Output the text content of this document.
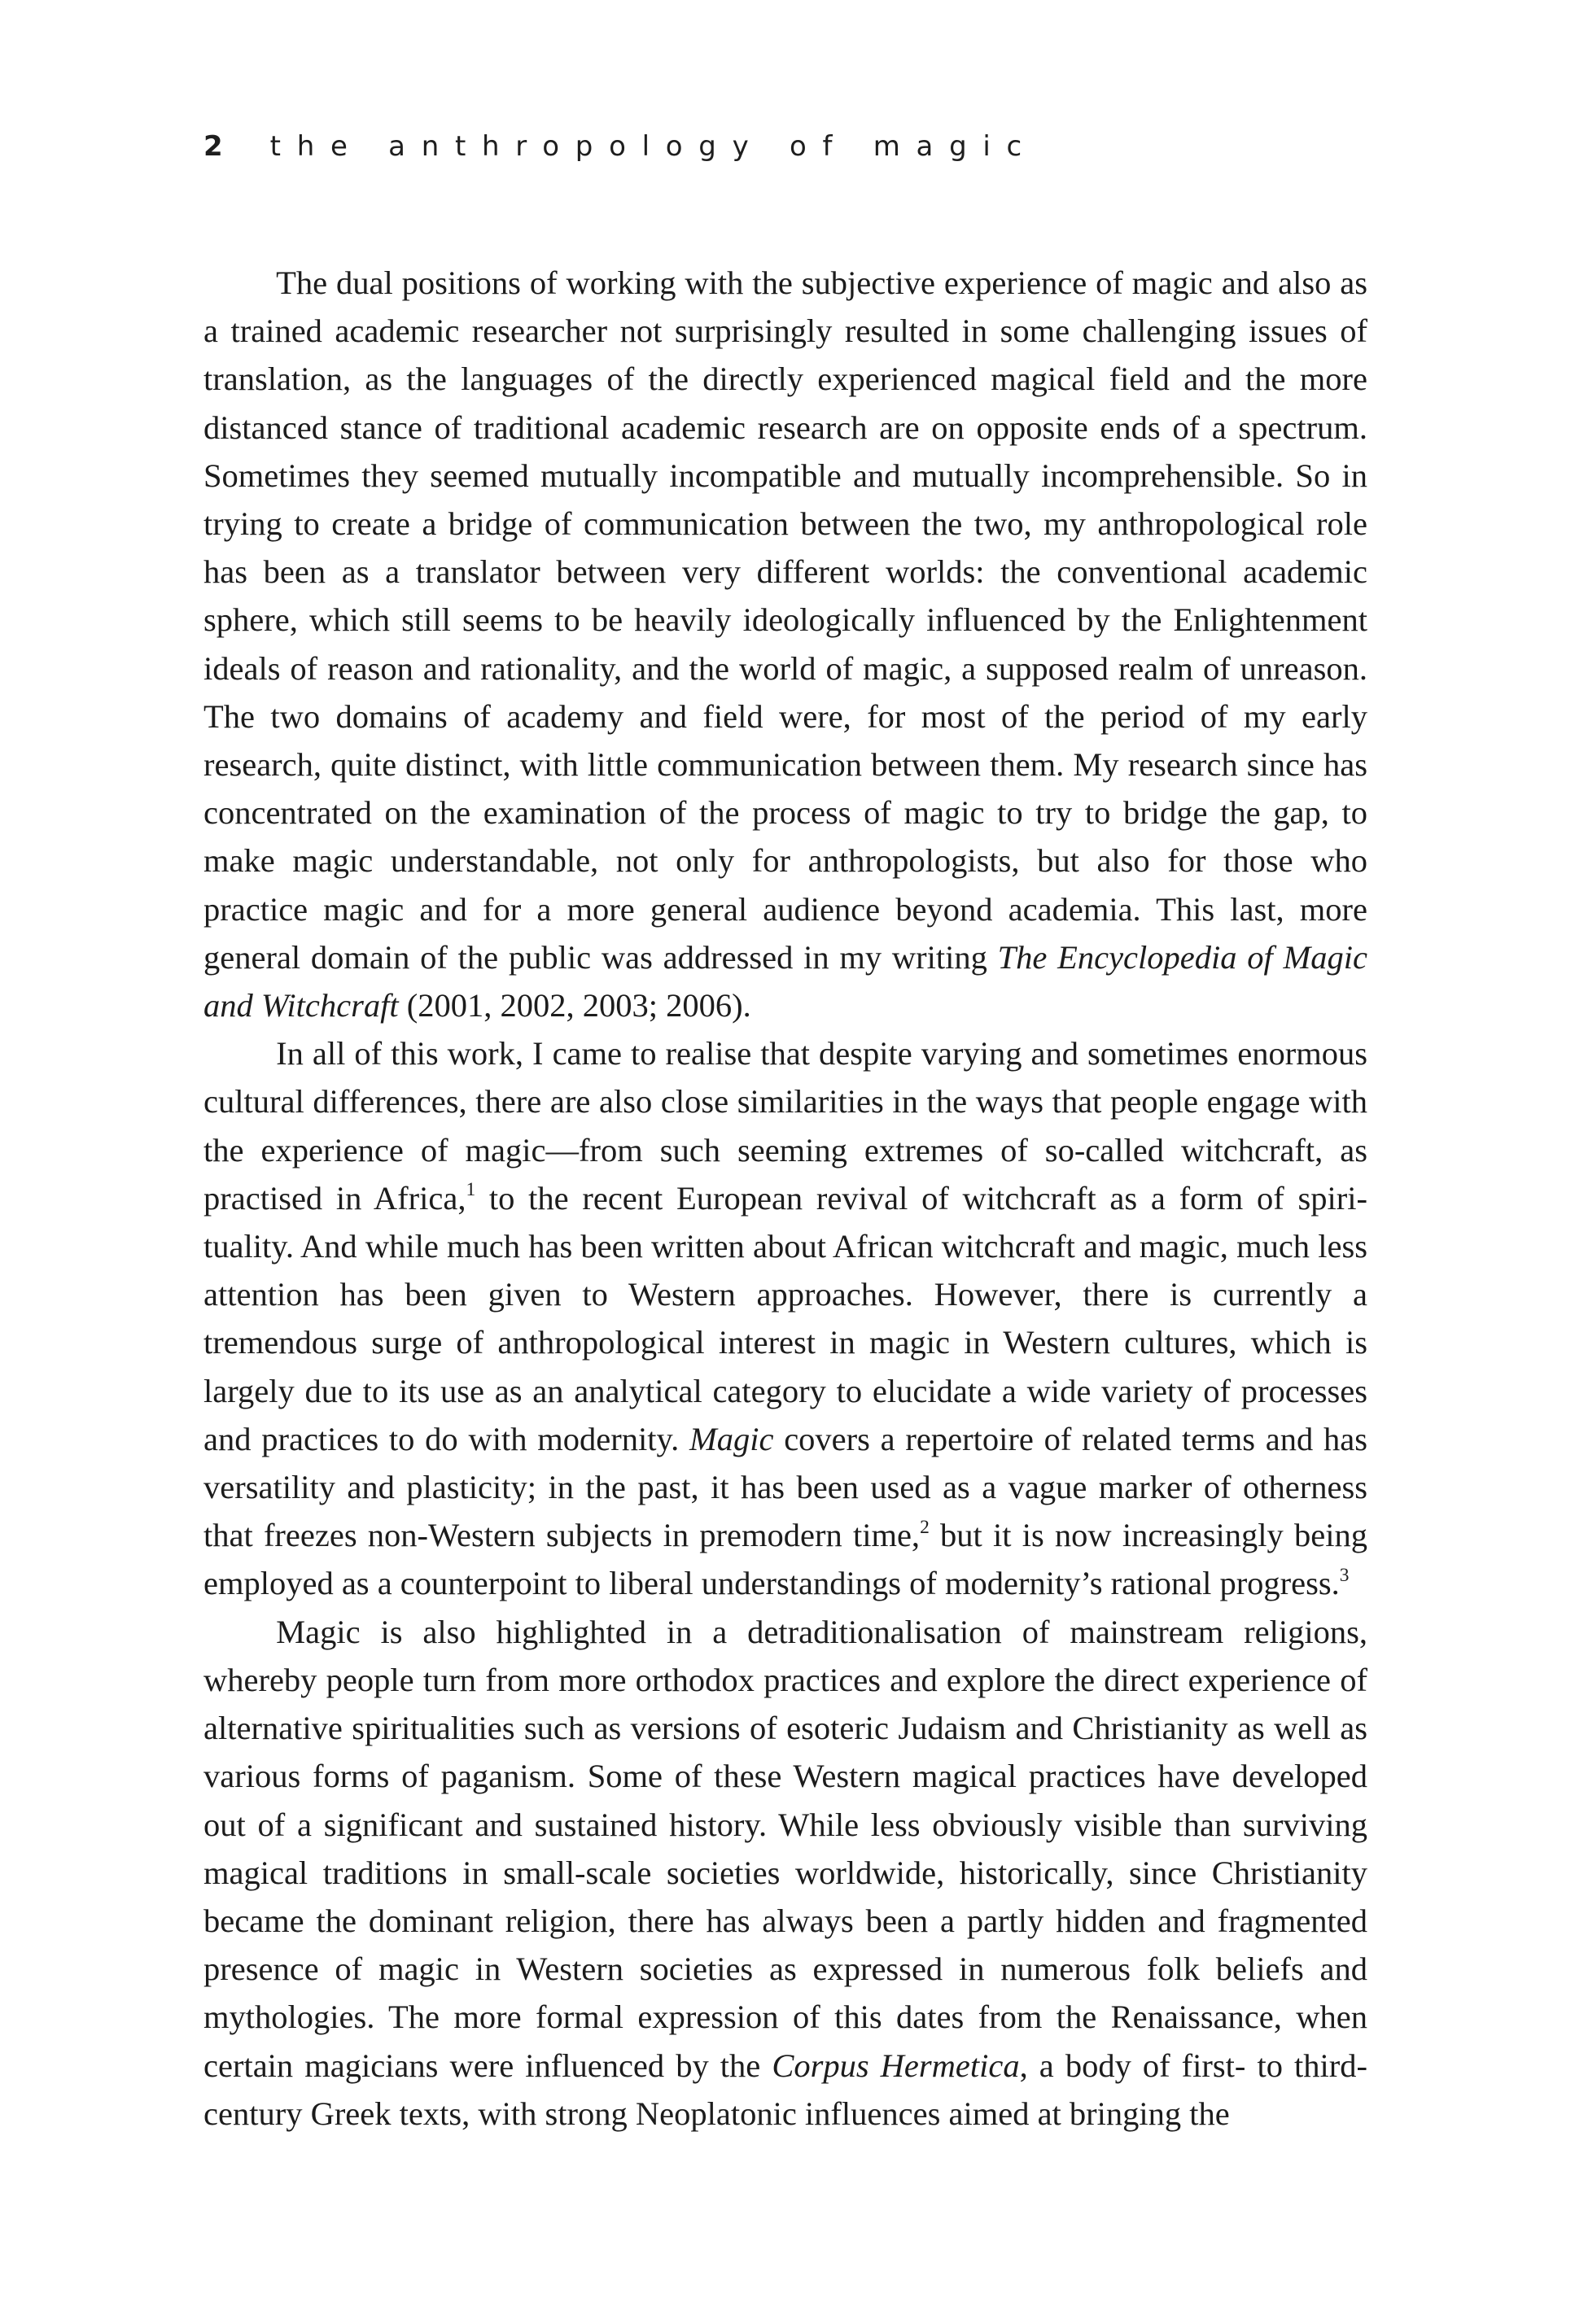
2 the anthropology of magic

The dual positions of working with the subjective experience of magic and also as a trained academic researcher not surprisingly resulted in some challenging issues of translation, as the languages of the directly experienced magical field and the more distanced stance of traditional academic research are on opposite ends of a spectrum. Sometimes they seemed mutually incompatible and mutually incomprehensible. So in trying to create a bridge of communication between the two, my anthropological role has been as a translator between very different worlds: the conventional academic sphere, which still seems to be heavily ideologically influenced by the Enlightenment ideals of reason and rationality, and the world of magic, a supposed realm of unreason. The two domains of academy and field were, for most of the period of my early research, quite distinct, with little communication between them. My research since has concentrated on the examination of the process of magic to try to bridge the gap, to make magic understandable, not only for anthropologists, but also for those who practice magic and for a more general audience beyond academia. This last, more general domain of the public was addressed in my writing The Encyclopedia of Magic and Witchcraft (2001, 2002, 2003; 2006).

In all of this work, I came to realise that despite varying and sometimes enormous cultural differences, there are also close similarities in the ways that people engage with the experience of magic—from such seeming extremes of so-called witchcraft, as practised in Africa,$^1$ to the recent European revival of witchcraft as a form of spirituality. And while much has been written about African witchcraft and magic, much less attention has been given to Western approaches. However, there is currently a tremendous surge of anthropological interest in magic in Western cultures, which is largely due to its use as an analytical category to elucidate a wide variety of processes and practices to do with modernity. Magic covers a repertoire of related terms and has versatility and plasticity; in the past, it has been used as a vague marker of otherness that freezes non-Western subjects in premodern time,$^2$ but it is now increasingly being employed as a counterpoint to liberal understandings of modernity’s rational progress.$^3$

Magic is also highlighted in a detraditionalisation of mainstream religions, whereby people turn from more orthodox practices and explore the direct experience of alternative spiritualities such as versions of esoteric Judaism and Christianity as well as various forms of paganism. Some of these Western magical practices have developed out of a significant and sustained history. While less obviously visible than surviving magical traditions in small-scale societies worldwide, historically, since Christianity became the dominant religion, there has always been a partly hidden and fragmented presence of magic in Western societies as expressed in numerous folk beliefs and mythologies. The more formal expression of this dates from the Renaissance, when certain magicians were influenced by the Corpus Hermetica, a body of first- to third-century Greek texts, with strong Neoplatonic influences aimed at bringing the
